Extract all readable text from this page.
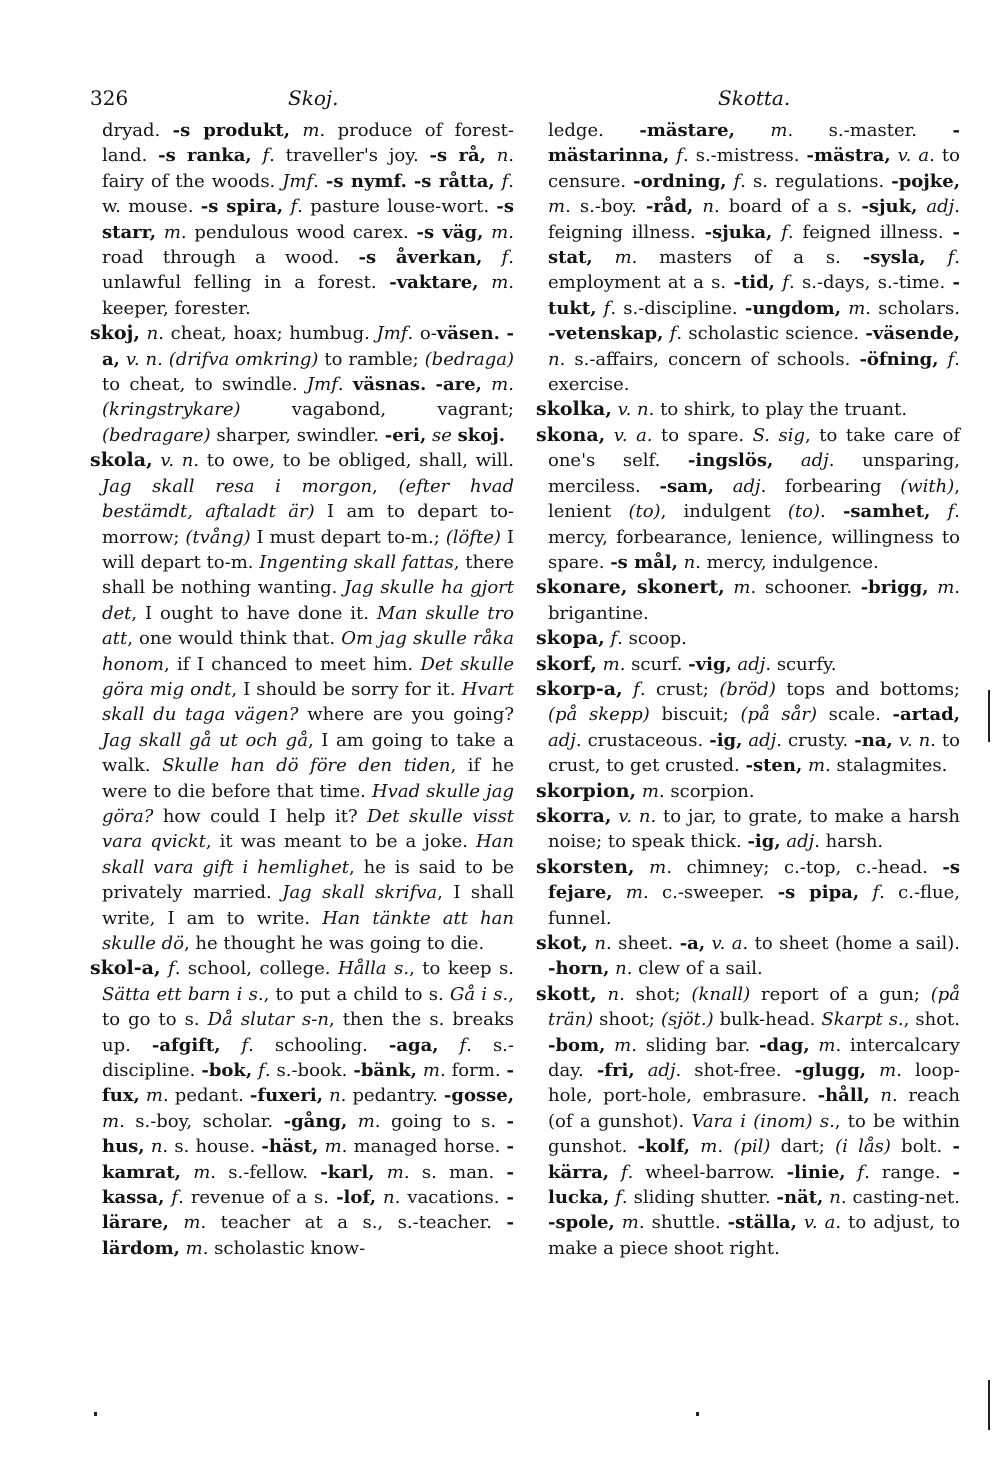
326	Skoj.	Skotta.

dryad. -s produkt, m. produce of forest-land. -s ranka, f. traveller's joy. -s rå, n. fairy of the woods. Jmf. -s nymf. -s råtta, f. w. mouse. -s spira, f. pasture louse-wort. -s starr, m. pendulous wood carex. -s väg, m. road through a wood. -s åverkan, f. unlawful felling in a forest. -vaktare, m. keeper, forester.

skoj, n. cheat, hoax; humbug. Jmf. o-väsen. -a, v. n. (drifva omkring) to ramble; (bedraga) to cheat, to swindle. Jmf. väsnas. -are, m. (kringstrykare) vagabond, vagrant; (bedragare) sharper, swindler. -eri, se skoj.

skola, v. n. to owe, to be obliged, shall, will. Jag skall resa i morgon, (efter hvad bestämdt, aftaladt är) I am to depart to-morrow; (tvång) I must depart to-m.; (löfte) I will depart to-m. Ingenting skall fattas, there shall be nothing wanting. Jag skulle ha gjort det, I ought to have done it. Man skulle tro att, one would think that. Om jag skulle råka honom, if I chanced to meet him. Det skulle göra mig ondt, I should be sorry for it. Hvart skall du taga vägen? where are you going? Jag skall gå ut och gå, I am going to take a walk. Skulle han dö före den tiden, if he were to die before that time. Hvad skulle jag göra? how could I help it? Det skulle visst vara qvickt, it was meant to be a joke. Han skall vara gift i hemlighet, he is said to be privately married. Jag skall skrifva, I shall write, I am to write. Han tänkte att han skulle dö, he thought he was going to die.

skol-a, f. school, college. Hålla s., to keep s. Sätta ett barn i s., to put a child to s. Gå i s., to go to s. Då slutar s-n, then the s. breaks up. -afgift, f. schooling. -aga, f. s.-discipline. -bok, f. s.-book. -bänk, m. form. -fux, m. pedant. -fuxeri, n. pedantry. -gosse, m. s.-boy, scholar. -gång, m. going to s. -hus, n. s. house. -häst, m. managed horse. -kamrat, m. s.-fellow. -karl, m. s. man. -kassa, f. revenue of a s. -lof, n. vacations. -lärare, m. teacher at a s., s.-teacher. -lärdom, m. scholastic know-

ledge. -mästare, m. s.-master. -mästarinna, f. s.-mistress. -mästra, v. a. to censure. -ordning, f. s. regulations. -pojke, m. s.-boy. -råd, n. board of a s. -sjuk, adj. feigning illness. -sjuka, f. feigned illness. -stat, m. masters of a s. -sysla, f. employment at a s. -tid, f. s.-days, s.-time. -tukt, f. s.-discipline. -ungdom, m. scholars. -vetenskap, f. scholastic science. -väsende, n. s.-affairs, concern of schools. -öfning, f. exercise.

skolka, v. n. to shirk, to play the truant.

skona, v. a. to spare. S. sig, to take care of one's self. -ingslös, adj. unsparing, merciless. -sam, adj. forbearing (with), lenient (to), indulgent (to). -samhet, f. mercy, forbearance, lenience, willingness to spare. -s mål, n. mercy, indulgence.

skonare, skonert, m. schooner. -brigg, m. brigantine.

skopa, f. scoop.

skorf, m. scurf. -vig, adj. scurfy.

skorp-a, f. crust; (bröd) tops and bottoms; (på skepp) biscuit; (på sår) scale. -artad, adj. crustaceous. -ig, adj. crusty. -na, v. n. to crust, to get crusted. -sten, m. stalagmites.

skorpion, m. scorpion.

skorra, v. n. to jar, to grate, to make a harsh noise; to speak thick. -ig, adj. harsh.

skorsten, m. chimney; c.-top, c.-head. -s fejare, m. c.-sweeper. -s pipa, f. c.-flue, funnel.

skot, n. sheet. -a, v. a. to sheet (home a sail). -horn, n. clew of a sail.

skott, n. shot; (knall) report of a gun; (på trän) shoot; (sjöt.) bulk-head. Skarpt s., shot. -bom, m. sliding bar. -dag, m. intercalcary day. -fri, adj. shot-free. -glugg, m. loop-hole, port-hole, embrasure. -håll, n. reach (of a gunshot). Vara i (inom) s., to be within gunshot. -kolf, m. (pil) dart; (i lås) bolt. -kärra, f. wheel-barrow. -linie, f. range. -lucka, f. sliding shutter. -nät, n. casting-net. -spole, m. shuttle. -ställa, v. a. to adjust, to make a piece shoot right.
